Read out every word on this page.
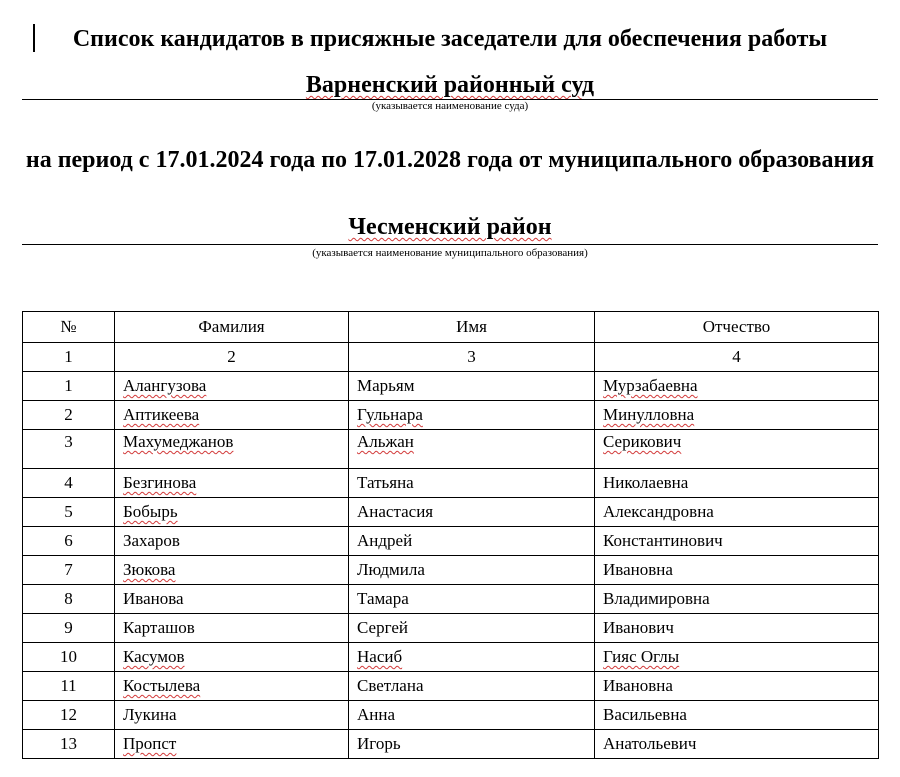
Список кандидатов в присяжные заседатели для обеспечения работы
Варненский районный суд
(указывается наименование суда)
на период с 17.01.2024 года по 17.01.2028 года от муниципального образования
Чесменский район
(указывается наименование муниципального образования)
№	Фамилия	Имя	Отчество
1	2	3	4
1	Алангузова	Марьям	Мурзабаевна
2	Аптикеева	Гульнара	Минулловна
3	Махумеджанов	Альжан	Серикович
4	Безгинова	Татьяна	Николаевна
5	Бобырь	Анастасия	Александровна
6	Захаров	Андрей	Константинович
7	Зюкова	Людмила	Ивановна
8	Иванова	Тамара	Владимировна
9	Карташов	Сергей	Иванович
10	Касумов	Насиб	Гияс Оглы
11	Костылева	Светлана	Ивановна
12	Лукина	Анна	Васильевна
13	Пропст	Игорь	Анатольевич
